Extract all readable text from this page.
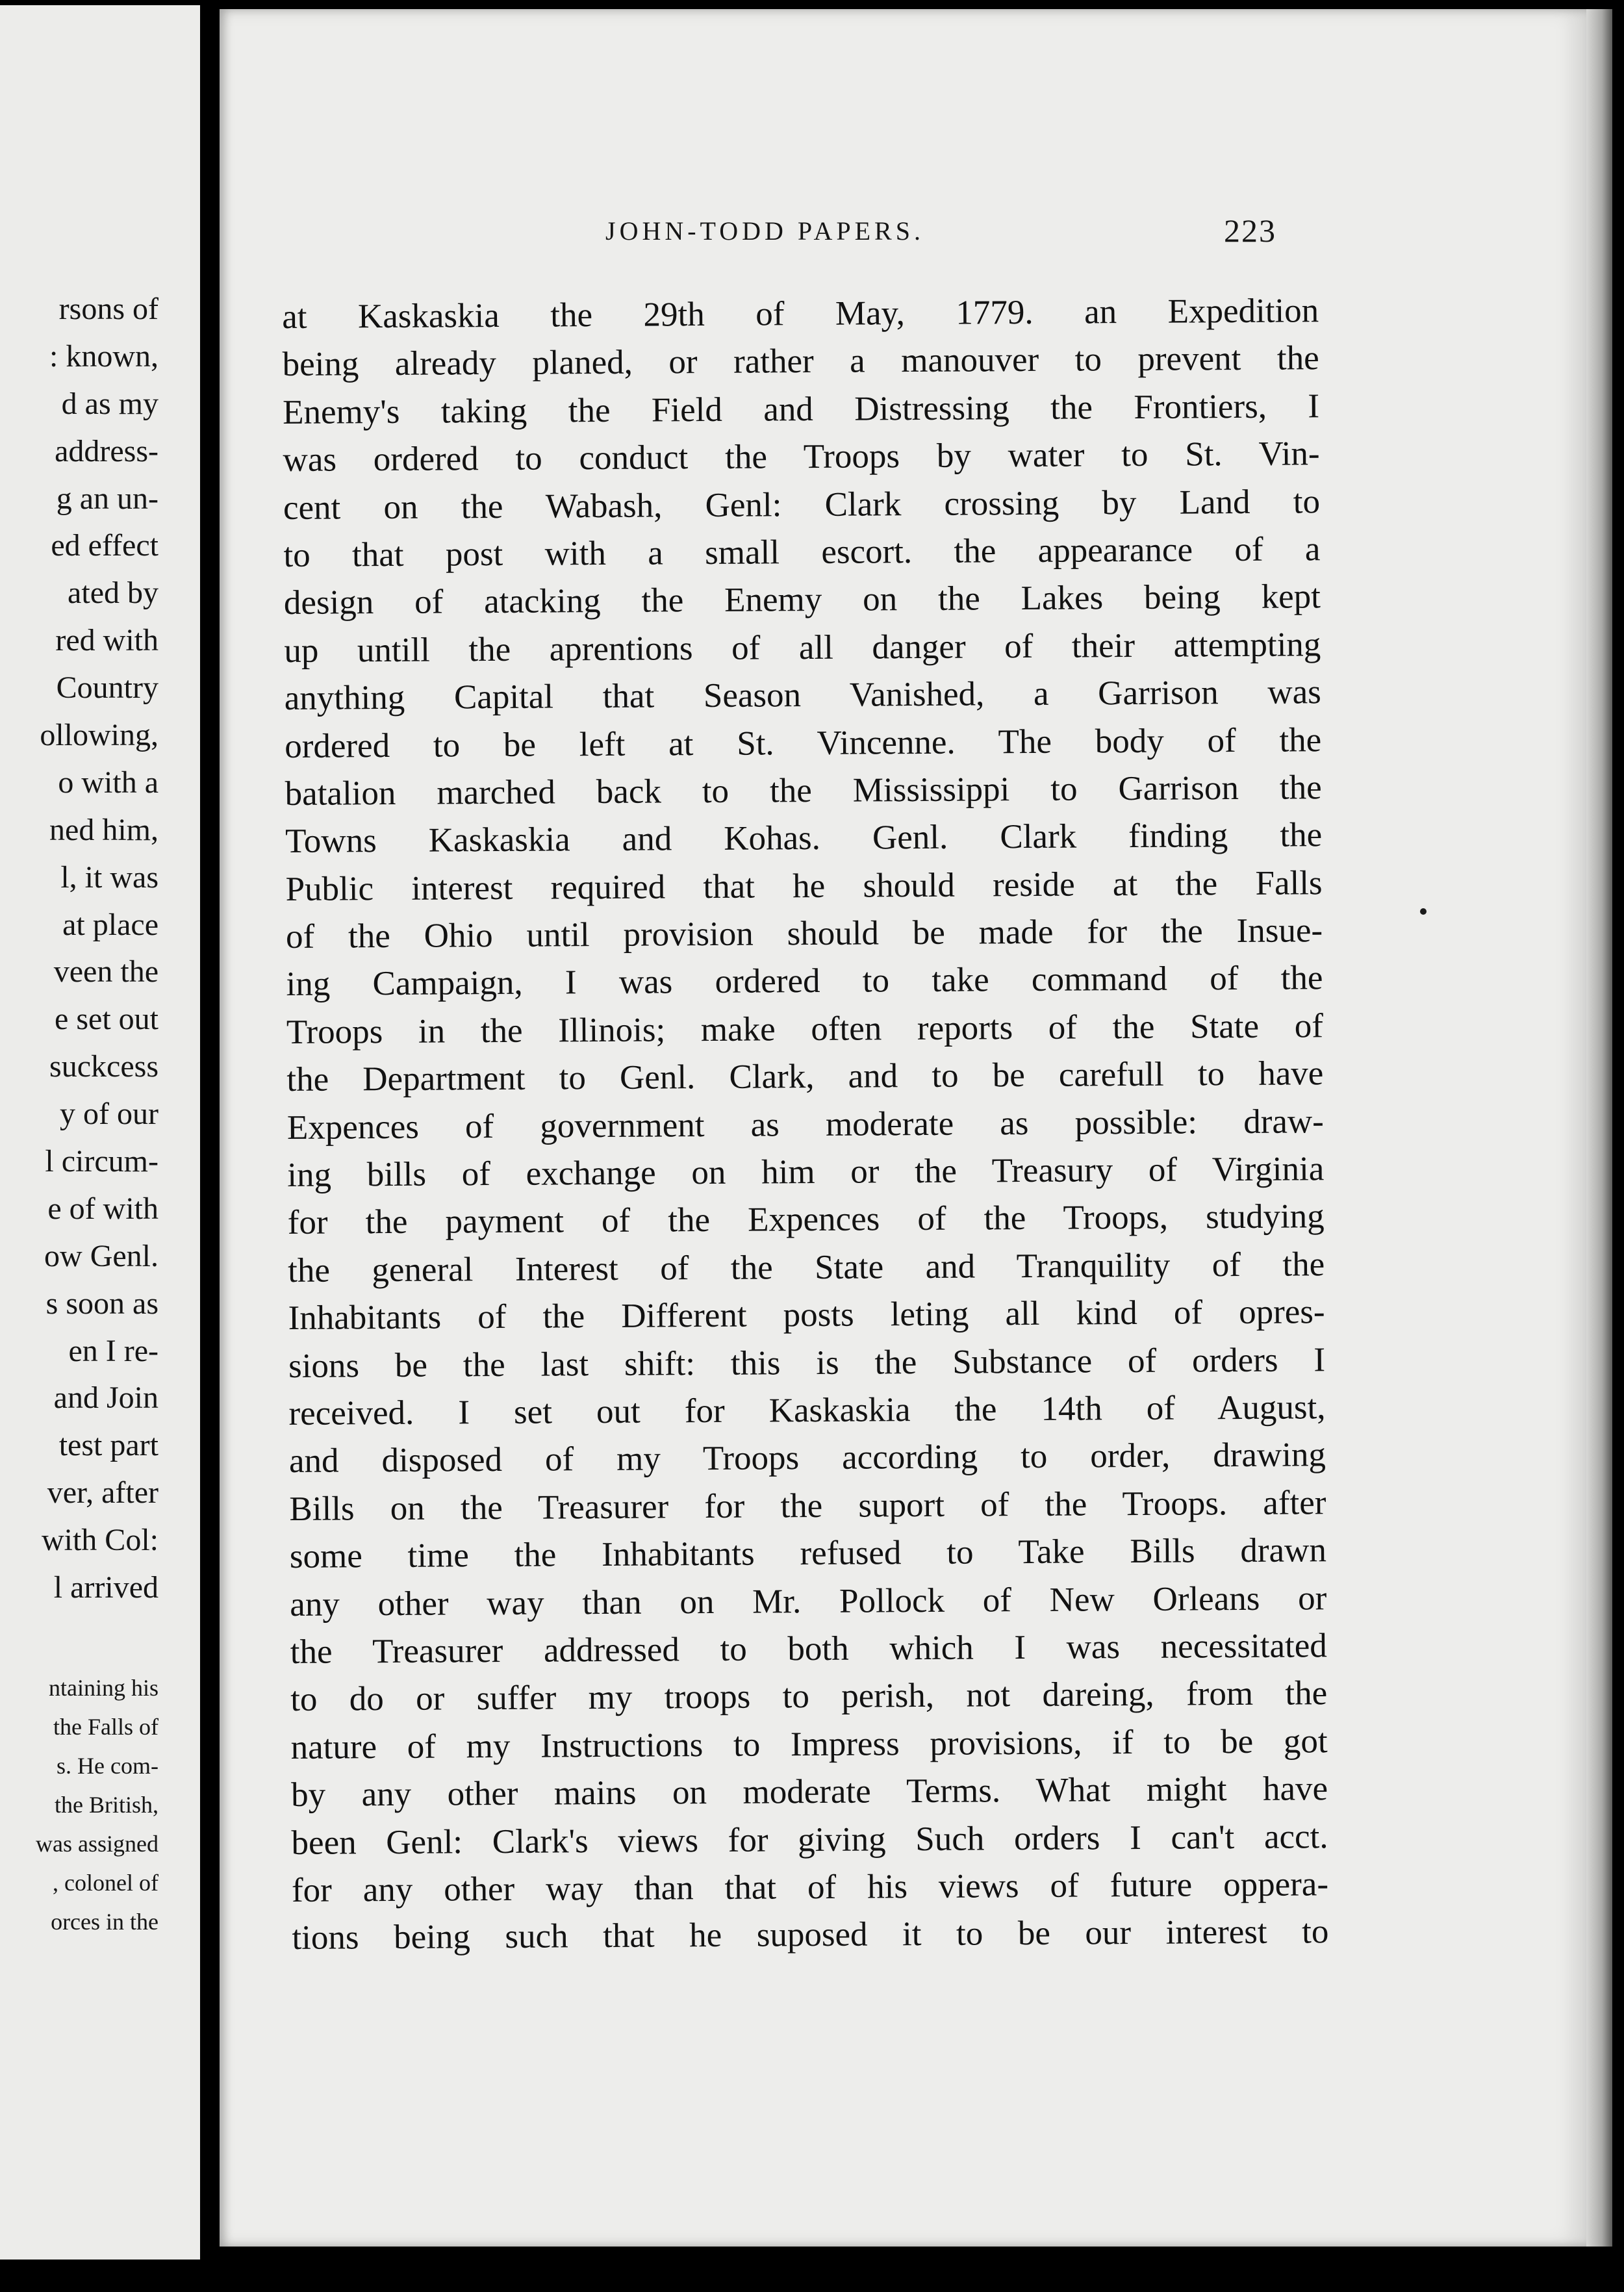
rsons of
: known,
d as my
address-
g an un-
ed effect
ated by
red with
Country
ollowing,
o with a
ned him,
l, it was
at place
veen the
e set out
suckcess
y of our
l circum-
e of with
ow Genl.
s soon as
en I re-
and Join
test part
ver, after
with Col:
l arrived
ntaining his
the Falls of
s. He com-
the British,
was assigned
, colonel of
orces in the
JOHN-TODD PAPERS.	223
at Kaskaskia the 29th of May, 1779. an Expedition
being already planed, or rather a manouver to prevent the
Enemy's taking the Field and Distressing the Frontiers, I
was ordered to conduct the Troops by water to St. Vin-
cent on the Wabash, Genl: Clark crossing by Land to
to that post with a small escort. the appearance of a
design of atacking the Enemy on the Lakes being kept
up untill the aprentions of all danger of their attempting
anything Capital that Season Vanished, a Garrison was
ordered to be left at St. Vincenne. The body of the
batalion marched back to the Mississippi to Garrison the
Towns Kaskaskia and Kohas. Genl. Clark finding the
Public interest required that he should reside at the Falls
of the Ohio until provision should be made for the Insue-
ing Campaign, I was ordered to take command of the
Troops in the Illinois; make often reports of the State of
the Department to Genl. Clark, and to be carefull to have
Expences of government as moderate as possible: draw-
ing bills of exchange on him or the Treasury of Virginia
for the payment of the Expences of the Troops, studying
the general Interest of the State and Tranquility of the
Inhabitants of the Different posts leting all kind of opres-
sions be the last shift: this is the Substance of orders I
received. I set out for Kaskaskia the 14th of August,
and disposed of my Troops according to order, drawing
Bills on the Treasurer for the suport of the Troops. after
some time the Inhabitants refused to Take Bills drawn
any other way than on Mr. Pollock of New Orleans or
the Treasurer addressed to both which I was necessitated
to do or suffer my troops to perish, not dareing, from the
nature of my Instructions to Impress provisions, if to be got
by any other mains on moderate Terms. What might have
been Genl: Clark's views for giving Such orders I can't acct.
for any other way than that of his views of future oppera-
tions being such that he suposed it to be our interest to
